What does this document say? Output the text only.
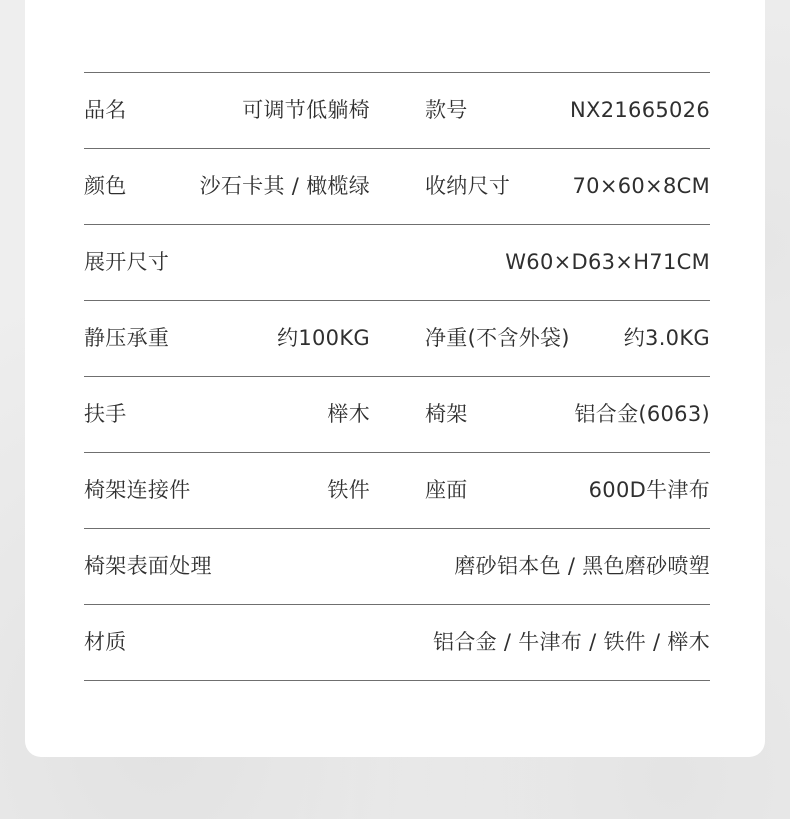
品名	可调节低躺椅	款号	NX21665026
颜色	沙石卡其 / 橄榄绿	收纳尺寸	70×60×8CM
展开尺寸	W60×D63×H71CM
静压承重	约100KG	净重(不含外袋)	约3.0KG
扶手	榉木	椅架	铝合金(6063)
椅架连接件	铁件	座面	600D牛津布
椅架表面处理	磨砂铝本色 / 黑色磨砂喷塑
材质	铝合金 / 牛津布 / 铁件 / 榉木
